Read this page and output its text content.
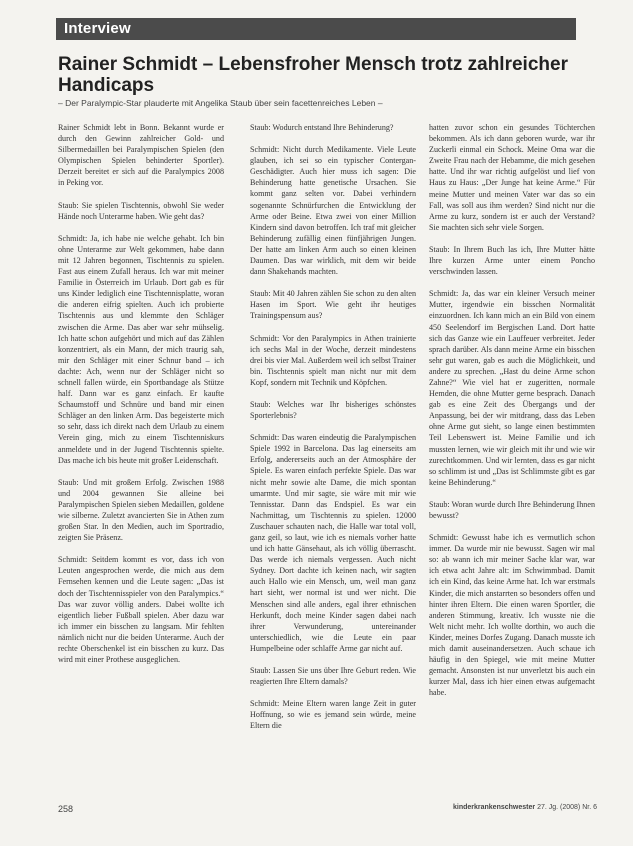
Interview
Rainer Schmidt – Lebensfroher Mensch trotz zahlreicher Handicaps
– Der Paralympic-Star plauderte mit Angelika Staub über sein facettenreiches Leben –

Rainer Schmidt lebt in Bonn. Bekannt wurde er durch den Gewinn zahlreicher Gold- und Silbermedaillen bei Paralympischen Spielen (den Olympischen Spielen behinderter Sportler). Derzeit bereitet er sich auf die Paralympics 2008 in Peking vor.

Staub: Sie spielen Tischtennis, obwohl Sie weder Hände noch Unterarme haben. Wie geht das?

Schmidt: Ja, ich habe nie welche gehabt. Ich bin ohne Unterarme zur Welt gekommen, habe dann mit 12 Jahren begonnen, Tischtennis zu spielen. Fast aus einem Zufall heraus. Ich war mit meiner Familie in Österreich im Urlaub. Dort gab es für uns Kinder lediglich eine Tischtennisplatte, woran die anderen eifrig spielten. Auch ich probierte Tischtennis aus und klemmte den Schläger zwischen die Arme. Das aber war sehr mühselig. Ich hatte schon aufgehört und mich auf das Zählen konzentriert, als ein Mann, der mich traurig sah, mir den Schläger mit einer Schnur band – ich dachte: Ach, wenn nur der Schläger nicht so schnell fallen würde, ein Sportbandage als Stütze half. Dann war es ganz einfach. Er kaufte Schaumstoff und Schnüre und band mir einen Schläger an den linken Arm. Das begeisterte mich so sehr, dass ich direkt nach dem Urlaub zu einem Verein ging, mich zu einem Tischtenniskurs anmeldete und in der Jugend Tischtennis spielte. Das mache ich bis heute mit großer Leidenschaft.

Staub: Und mit großem Erfolg. Zwischen 1988 und 2004 gewannen Sie alleine bei Paralympischen Spielen sieben Medaillen, goldene wie silberne. Zuletzt avancierten Sie in Athen zum großen Star. In den Medien, auch im Sportradio, zeigten Sie Präsenz.

Schmidt: Seitdem kommt es vor, dass ich von Leuten angesprochen werde, die mich aus dem Fernsehen kennen und die Leute sagen: „Das ist doch der Tischtennisspieler von den Paralympics.“ Das war zuvor völlig anders. Dabei wollte ich eigentlich lieber Fußball spielen. Aber dazu war ich immer ein bisschen zu langsam. Mir fehlten nämlich nicht nur die beiden Unterarme. Auch der rechte Oberschenkel ist ein bisschen zu kurz. Das wird mit einer Prothese ausgeglichen.

Staub: Wodurch entstand Ihre Behinderung?

Schmidt: Nicht durch Medikamente. Viele Leute glauben, ich sei so ein typischer Contergan-Geschädigter. Auch hier muss ich sagen: Die Behinderung hatte genetische Ursachen. Sie kommt ganz selten vor. Dabei verhindern sogenannte Schnürfurchen die Entwicklung der Arme oder Beine. Etwa zwei von einer Million Kindern sind davon betroffen. Ich traf mit gleicher Behinderung zufällig einen fünfjährigen Jungen. Der hatte am linken Arm auch so einen kleinen Daumen. Das war wirklich, mit dem wir beide dann Shakehands machten.

Staub: Mit 40 Jahren zählen Sie schon zu den alten Hasen im Sport. Wie geht ihr heutiges Trainingspensum aus?

Schmidt: Vor den Paralympics in Athen trainierte ich sechs Mal in der Woche, derzeit mindestens drei bis vier Mal. Außerdem weil ich selbst Trainer bin. Tischtennis spielt man nicht nur mit dem Kopf, sondern mit Technik und Köpfchen.

Staub: Welches war Ihr bisheriges schönstes Sporterlebnis?

Schmidt: Das waren eindeutig die Paralympischen Spiele 1992 in Barcelona. Das lag einerseits am Erfolg, andererseits auch an der Atmosphäre der Spiele. Es waren einfach perfekte Spiele. Das war nicht mehr sowie alte Dame, die mich spontan umarmte. Und mir sagte, sie wäre mit mir wie Tennisstar. Dann das Endspiel. Es war ein Nachmittag, um Tischtennis zu spielen. 12000 Zuschauer schauten nach, die Halle war total voll, ganz geil, so laut, wie ich es niemals vorher hatte und ich hatte Gänsehaut, als ich völlig überrascht. Das werde ich niemals vergessen. Auch nicht Sydney. Dort dachte ich keinen nach, wir sagten auch Hallo wie ein Mensch, um, weil man ganz hart sieht, wer normal ist und wer nicht. Die Menschen sind alle anders, egal ihrer ethnischen Herkunft, doch meine Kinder sagen dabei nach ihrer Verwunderung, untereinander unterschiedlich, wie die Leute ein paar Humpelbeine oder schlaffe Arme gar nicht auf.

Staub: Lassen Sie uns über Ihre Geburt reden. Wie reagierten Ihre Eltern damals?

Schmidt: Meine Eltern waren lange Zeit in guter Hoffnung, so wie es jemand sein würde, meine Eltern die

hatten zuvor schon ein gesundes Töchterchen bekommen. Als ich dann geboren wurde, war ihr Zuckerli einmal ein Schock. Meine Oma war die Zweite Frau nach der Hebamme, die mich gesehen hatte. Und ihr war richtig aufgelöst und lief von Haus zu Haus: „Der Junge hat keine Arme.“ Für meine Mutter und meinen Vater war das so ein Fall, was soll aus ihm werden? Sind nicht nur die Arme zu kurz, sondern ist er auch der Verstand? Sie machten sich sehr viele Sorgen.

Staub: In Ihrem Buch las ich, Ihre Mutter hätte Ihre kurzen Arme unter einem Poncho verschwinden lassen.

Schmidt: Ja, das war ein kleiner Versuch meiner Mutter, irgendwie ein bisschen Normalität einzuordnen. Ich kann mich an ein Bild von einem 450 Seelendorf im Bergischen Land. Dort hatte sich das Ganze wie ein Lauffeuer verbreitet. Jeder sprach darüber. Als dann meine Arme ein bisschen sehr gut waren, gab es auch die Möglichkeit, und andere zu sprechen. „Hast du deine Arme schon Zahne?“ Wie viel hat er zugeritten, normale Hemden, die ohne Mutter gerne besprach. Danach gab es eine Zeit des Übergangs und der Anpassung, bei der wir mitdrang, dass das Leben ohne Arme gut sieht, so lange einen bestimmten Teil Lebenswert ist. Meine Familie und ich mussten lernen, wie wir gleich mit ihr und wie wir zurechtkommen. Und wir lernten, dass es gar nicht so schlimm ist und „Das ist Schlimmste gibt es gar keine Behinderung.“

Staub: Woran wurde durch Ihre Behinderung Ihnen bewusst?

Schmidt: Gewusst habe ich es vermutlich schon immer. Da wurde mir nie bewusst. Sagen wir mal so: ab wann ich mir meiner Sache klar war, war ich etwa acht Jahre alt: im Schwimmbad. Damit ich ein Kind, das keine Arme hat. Ich war erstmals Kinder, die mich anstarrten so besonders offen und hinter ihren Eltern. Die einen waren Sportler, die anderen Stimmung, kreativ. Ich wusste nie die Welt nicht mehr. Ich wollte dorthin, wo auch die Kinder, meines Dorfes Zugang. Danach musste ich mich damit auseinandersetzen. Auch schaue ich häufig in den Spiegel, wie mit meine Mutter gemacht. Ansonsten ist nur unverletzt bis auch ein kurzer Mal, dass ich hier einen etwas aufgemacht habe.

258	kinderkrankenschwester 27. Jg. (2008) Nr. 6
